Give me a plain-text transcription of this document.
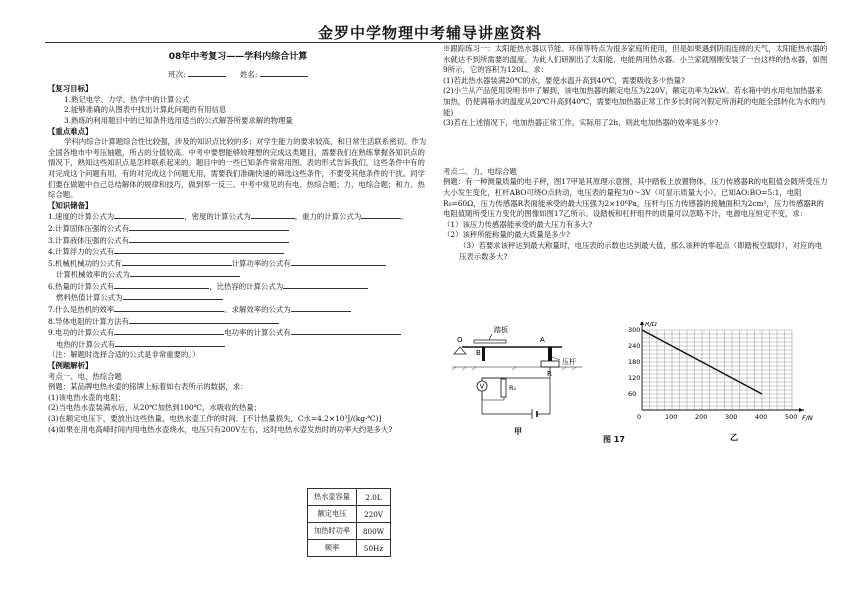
金罗中学物理中考辅导讲座资料
08年中考复习——学科内综合计算
班次:	姓名:

【复习目标】

1.熟记电学、力学、热学中的计算公式

2.能够准确的从图表中找出计算此问题的有用信息

3.熟练的利用题目中的已知条件选用适当的公式解答所要求解的物理量

【重点难点】

学科内综合计算题综合性比较强，涉及的知识点比较的多；对学生能力的要求较高，和日常生活联系密切。作为全国各地市中考压轴题，所占的分值较高。中考中要想能够较理想的完成这类题目，需要我们在熟练掌握各知识点的情况下，熟知这些知识点是怎样联系起来的。题目中的一些已知条件常常用图、表的形式告诉我们，这些条件中有的对完成这个问题有用，有的对完成这个问题无用，需要我们准确快速的筛选这些条件，不要受其他条件的干扰。同学们要在做题中自己总结解体的规律和技巧，做到举一反三。中考中常见的有电、热综合题；力、电综合题；和力、热综合题。

【知识储备】

1.速度的计算公式为	，密度的计算公式为	，重力的计算公式为	。

2.计算固体压强的公式有

3.计算液体压强的公式有

4.计算浮力的公式有

5.机械机械功的公式有	计算功率的公式有

计算机械效率的公式为

6.热量的计算公式有	，比热容的计算公式为

燃料热值计算公式为

7.什么是热机的效率	。求解效率的公式为

8.导体电阻的计算方法有

9.电功的计算公式有	电功率的计算公式有

电热的计算公式有

（注：解题时选择合适的公式是非常重要的。）

【例题解析】

考点一、电、热综合题

例题：某品牌电热水壶的铭牌上标着如右表所示的数据，求：

(1)该电热水壶的电阻；

(2)当电热水壶装满水后，从20℃加热到100℃，水吸收的热量；

(3)在额定电压下，要放出这些热量，电热水壶工作的时间．[不计热量损失，C水=4.2×10³J/(kg·℃)]

(4)如果在用电高峰时间内用电热水壶烧水，电压只有200V左右，这时电热水壶发热时的功率大约是多大?

热水壶容量	2.0L
额定电压	220V
加热时功率	800W
频率	50Hz

※跟踪练习一：太阳能热水器以节能、环保等特点为很多家庭所使用，但是如果遇到阴雨连绵的天气，太阳能热水器的水就达不到所需要的温度。为此人们研制出了太阳能、电能两用热水器。小兰家就刚刚安装了一台这样的热水器，如图9所示，它的容积为120L。求：

(1)若此热水器装满20℃的水，要使水温升高到40℃，需要吸收多少热量?

(2)小兰从产品使用说明书中了解到，该电加热器的额定电压为220V，额定功率为2kW。若水箱中的水用电加热器来加热，仍使满箱水的温度从20℃升高到40℃，需要电加热器正常工作多长时间?(假定所消耗的电能全部转化为水的内能)

(3)若在上述情况下，电加热器正常工作，实际用了2h，则此电加热器的效率是多少?

考点二、力、电综合题

例题：有一种测量质量的电子秤，图17甲是其原理示意图，其中踏板上放置物体，压力传感器R的电阻值会随所受压力大小发生变化，杠杆ABO可绕O点转动，电压表的量程为0～3V（可显示质量大小）。已知AO:BO=5:1，电阻R₀=60Ω，压力传感器R表面能承受的最大压强为2×10⁶Pa，压杆与压力传感器的接触面积为2cm²，压力传感器R的电阻值随所受压力变化的图像如图17乙所示。设踏板和杠杆组件的质量可以忽略不计，电源电压恒定不变，求：

（1）该压力传感器能承受的最大压力有多大?

（2）该秤所能称量的最大质量是多少?

（3）若要求该秤达到最大称量时，电压表的示数也达到最大值，那么该秤的零起点（即踏板空载时），对应的电压表示数多大?

踏板
O
B
A
压杆
R
V	R₀
甲
0	100	200	300	400	500
60
120
180
240
300
F/N
R/Ω
乙
图 17
